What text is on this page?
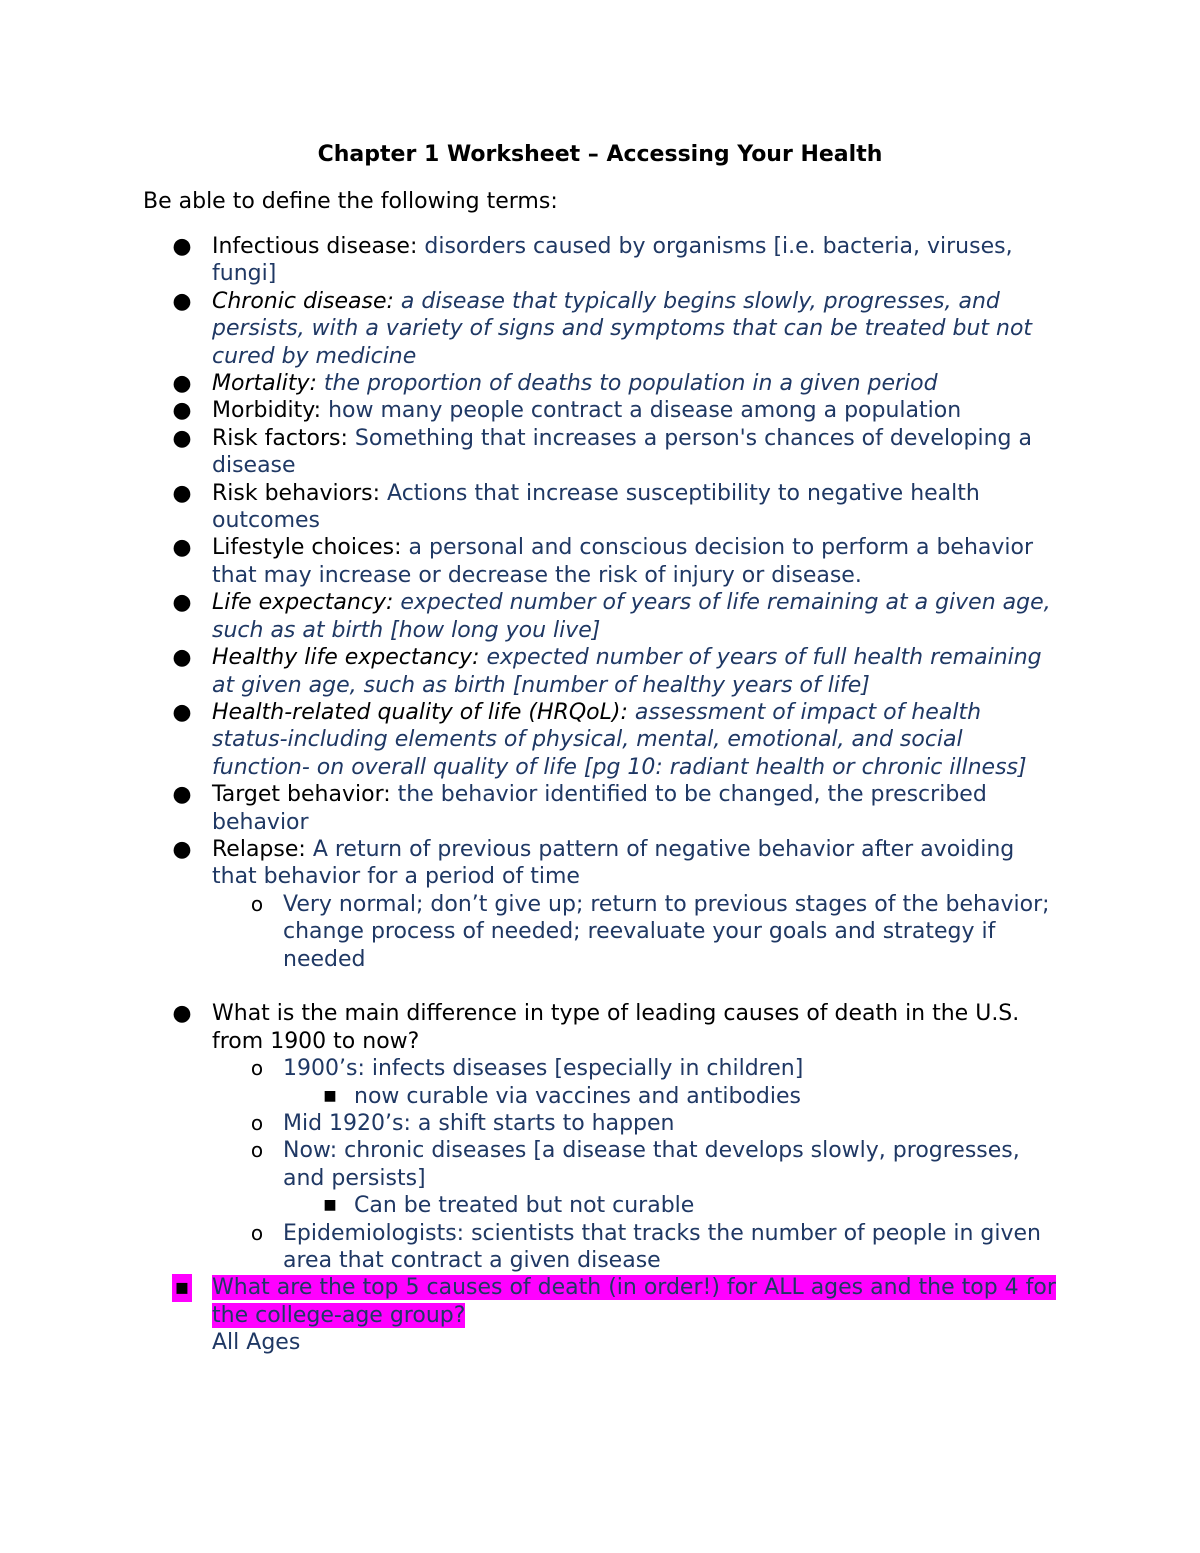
Chapter 1 Worksheet – Accessing Your Health

Be able to define the following terms:

● Infectious disease: disorders caused by organisms [i.e. bacteria, viruses, fungi]
● Chronic disease: a disease that typically begins slowly, progresses, and persists, with a variety of signs and symptoms that can be treated but not cured by medicine
● Mortality: the proportion of deaths to population in a given period
● Morbidity: how many people contract a disease among a population
● Risk factors: Something that increases a person's chances of developing a disease
● Risk behaviors: Actions that increase susceptibility to negative health outcomes
● Lifestyle choices: a personal and conscious decision to perform a behavior that may increase or decrease the risk of injury or disease.
● Life expectancy: expected number of years of life remaining at a given age, such as at birth [how long you live]
● Healthy life expectancy: expected number of years of full health remaining at given age, such as birth [number of healthy years of life]
● Health-related quality of life (HRQoL): assessment of impact of health status-including elements of physical, mental, emotional, and social function- on overall quality of life [pg 10: radiant health or chronic illness]
● Target behavior: the behavior identified to be changed, the prescribed behavior
● Relapse: A return of previous pattern of negative behavior after avoiding that behavior for a period of time
o Very normal; don’t give up; return to previous stages of the behavior; change process of needed; reevaluate your goals and strategy if needed
● What is the main difference in type of leading causes of death in the U.S. from 1900 to now?
o 1900’s: infects diseases [especially in children]
■ now curable via vaccines and antibodies
o Mid 1920’s: a shift starts to happen
o Now: chronic diseases [a disease that develops slowly, progresses, and persists]
■ Can be treated but not curable
o Epidemiologists: scientists that tracks the number of people in given area that contract a given disease
▪ What are the top 5 causes of death (in order!) for ALL ages and the top 4 for the college-age group?
All Ages
